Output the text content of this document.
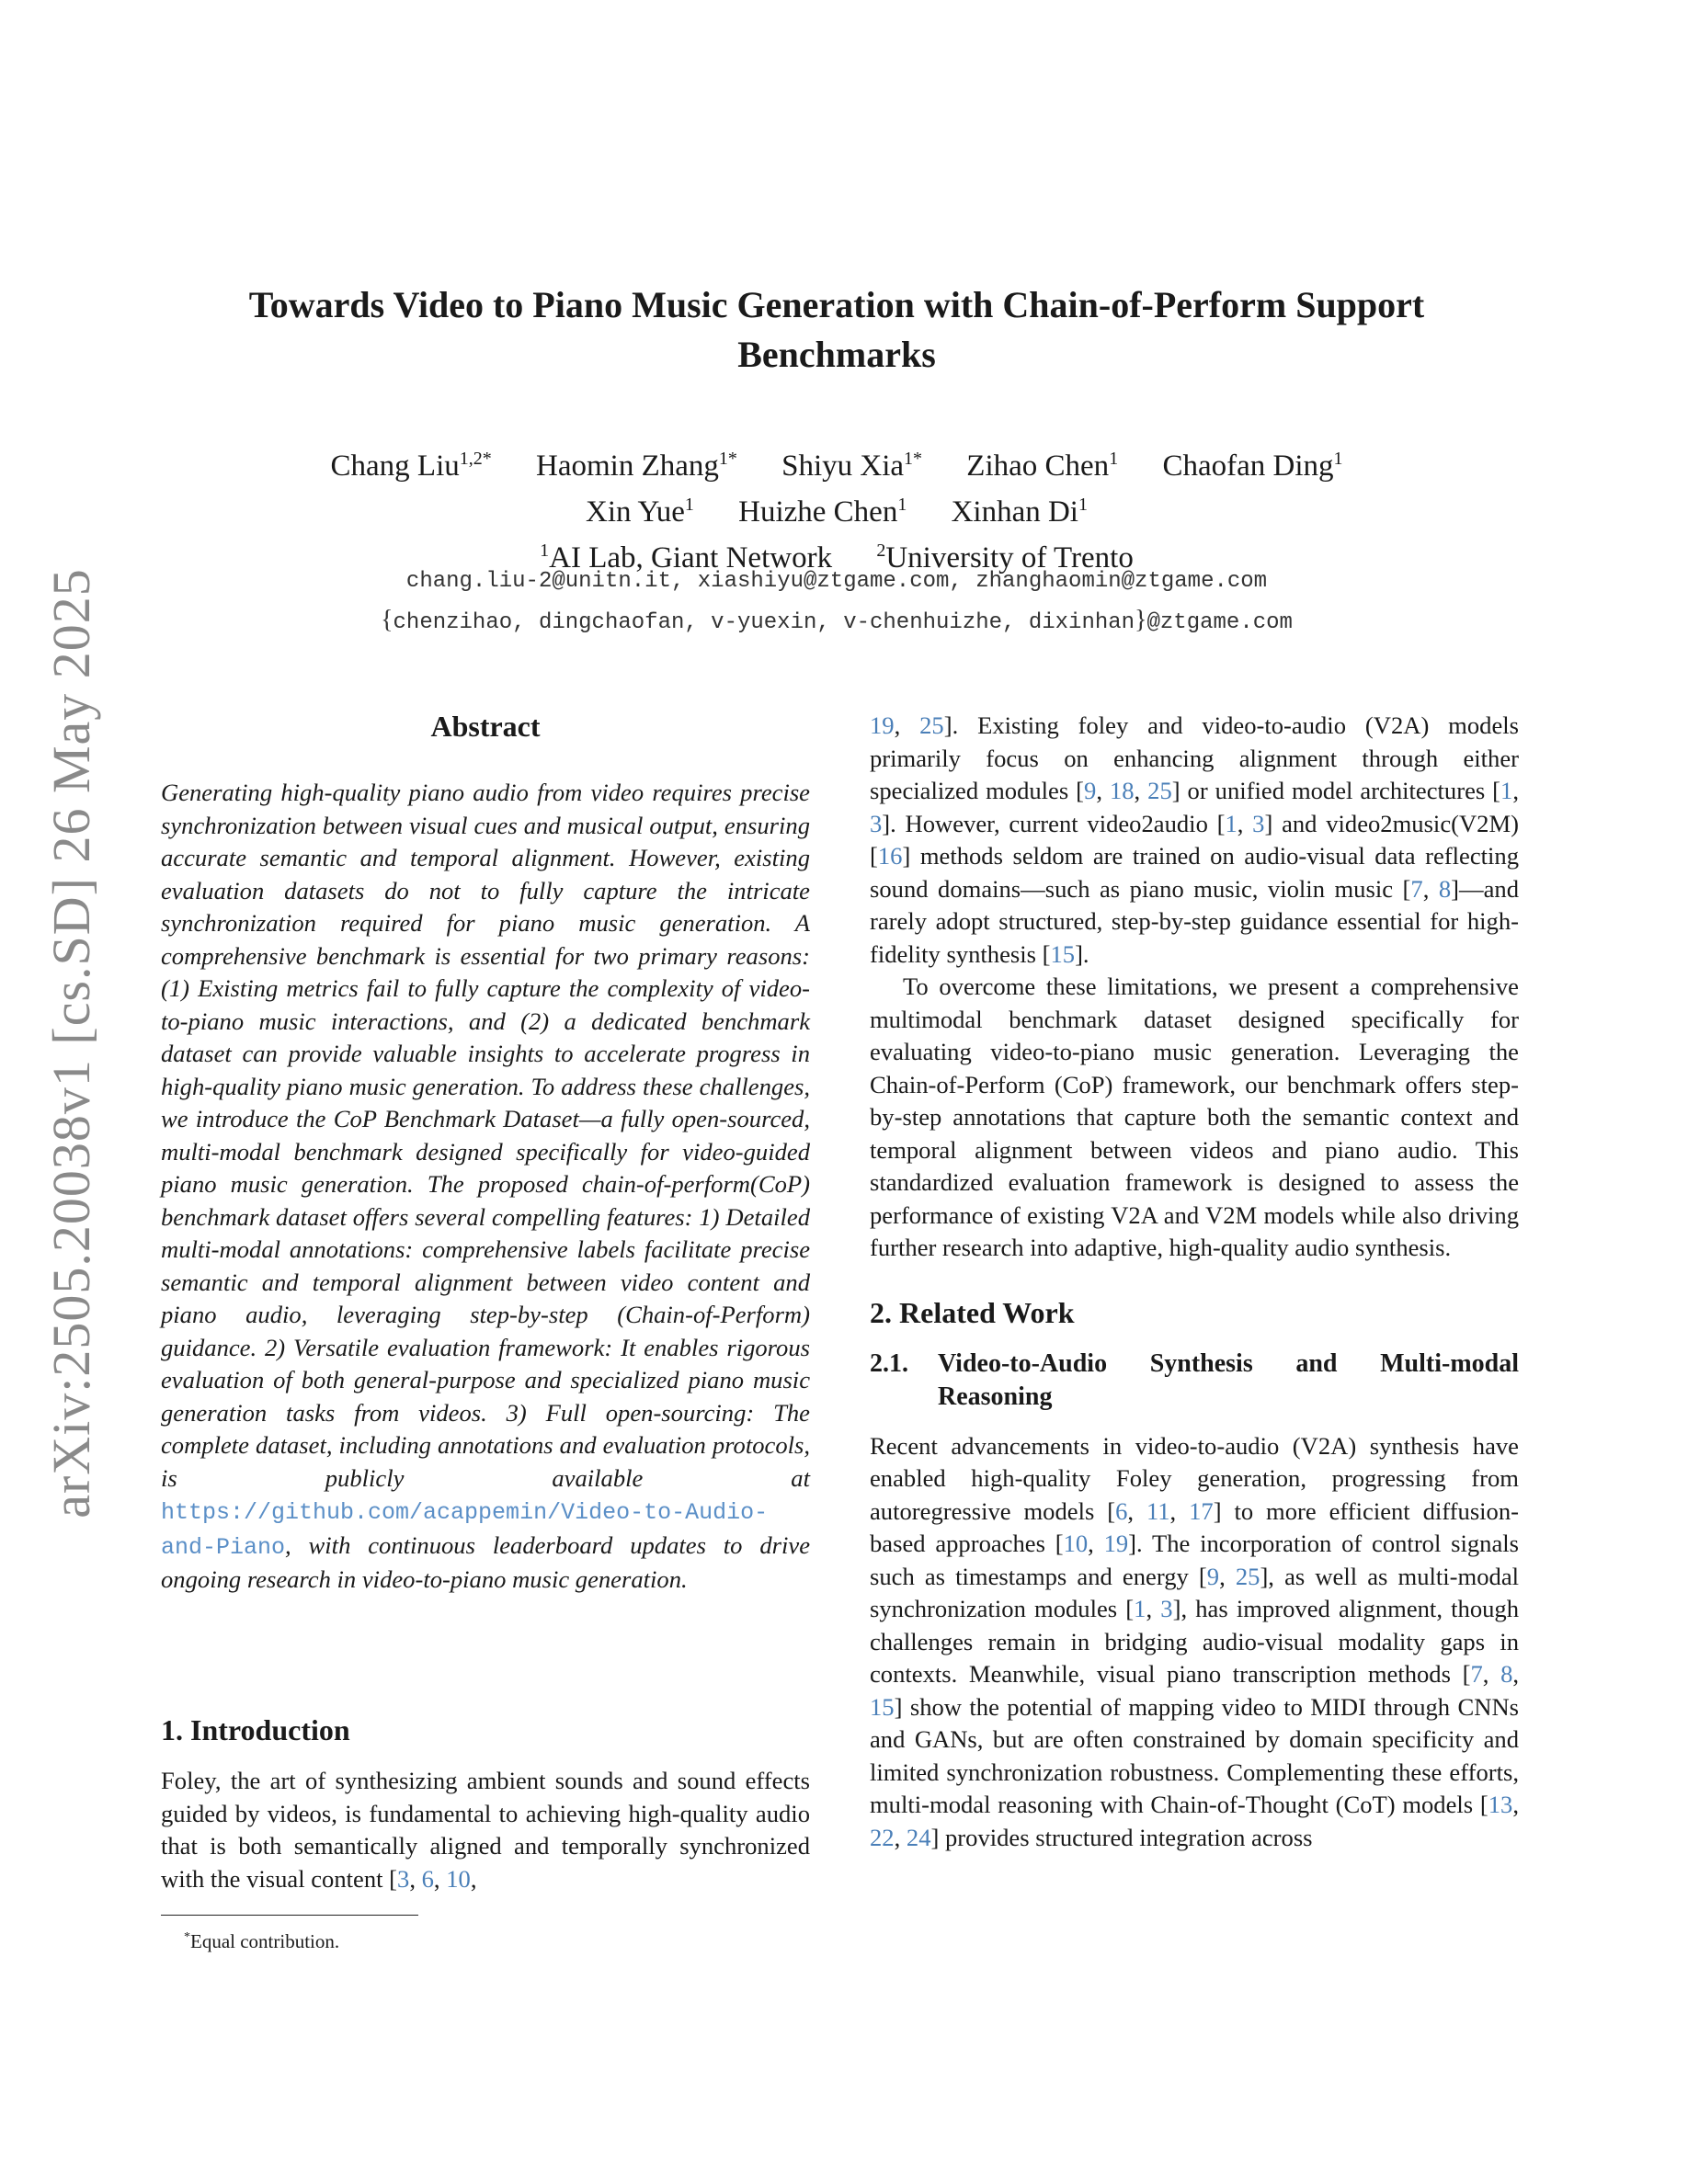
arXiv:2505.20038v1 [cs.SD] 26 May 2025
Towards Video to Piano Music Generation with Chain-of-Perform Support Benchmarks
Chang Liu$^{1,2*}$ Haomin Zhang$^{1*}$ Shiyu Xia$^{1*}$ Zihao Chen$^1$ Chaofan Ding$^1$
Xin Yue$^1$ Huizhe Chen$^1$ Xinhan Di$^1$
$^1$AI Lab, Giant Network $^2$University of Trento
chang.liu-2@unitn.it, xiashiyu@ztgame.com, zhanghaomin@ztgame.com
{chenzihao, dingchaofan, v-yuexin, v-chenhuizhe, dixinhan}@ztgame.com
Abstract

Generating high-quality piano audio from video requires precise synchronization between visual cues and musical output, ensuring accurate semantic and temporal alignment. However, existing evaluation datasets do not to fully capture the intricate synchronization required for piano music generation. A comprehensive benchmark is essential for two primary reasons: (1) Existing metrics fail to fully capture the complexity of video-to-piano music interactions, and (2) a dedicated benchmark dataset can provide valuable insights to accelerate progress in high-quality piano music generation. To address these challenges, we introduce the CoP Benchmark Dataset—a fully open-sourced, multi-modal benchmark designed specifically for video-guided piano music generation. The proposed chain-of-perform(CoP) benchmark dataset offers several compelling features: 1) Detailed multi-modal annotations: comprehensive labels facilitate precise semantic and temporal alignment between video content and piano audio, leveraging step-by-step (Chain-of-Perform) guidance. 2) Versatile evaluation framework: It enables rigorous evaluation of both general-purpose and specialized piano music generation tasks from videos. 3) Full open-sourcing: The complete dataset, including annotations and evaluation protocols, is publicly available at https://github.com/acappemin/Video-to-Audio-and-Piano, with continuous leaderboard updates to drive ongoing research in video-to-piano music generation.

1. Introduction

Foley, the art of synthesizing ambient sounds and sound effects guided by videos, is fundamental to achieving high-quality audio that is both semantically aligned and temporally synchronized with the visual content [3, 6, 10,

*Equal contribution.

19, 25]. Existing foley and video-to-audio (V2A) models primarily focus on enhancing alignment through either specialized modules [9, 18, 25] or unified model architectures [1, 3]. However, current video2audio [1, 3] and video2music(V2M) [16] methods seldom are trained on audio-visual data reflecting sound domains—such as piano music, violin music [7, 8]—and rarely adopt structured, step-by-step guidance essential for high-fidelity synthesis [15].

To overcome these limitations, we present a comprehensive multimodal benchmark dataset designed specifically for evaluating video-to-piano music generation. Leveraging the Chain-of-Perform (CoP) framework, our benchmark offers step-by-step annotations that capture both the semantic context and temporal alignment between videos and piano audio. This standardized evaluation framework is designed to assess the performance of existing V2A and V2M models while also driving further research into adaptive, high-quality audio synthesis.

2. Related Work
2.1.	Video-to-Audio Synthesis and Multi-modal Reasoning

Recent advancements in video-to-audio (V2A) synthesis have enabled high-quality Foley generation, progressing from autoregressive models [6, 11, 17] to more efficient diffusion-based approaches [10, 19]. The incorporation of control signals such as timestamps and energy [9, 25], as well as multi-modal synchronization modules [1, 3], has improved alignment, though challenges remain in bridging audio-visual modality gaps in contexts. Meanwhile, visual piano transcription methods [7, 8, 15] show the potential of mapping video to MIDI through CNNs and GANs, but are often constrained by domain specificity and limited synchronization robustness. Complementing these efforts, multi-modal reasoning with Chain-of-Thought (CoT) models [13, 22, 24] provides structured integration across
